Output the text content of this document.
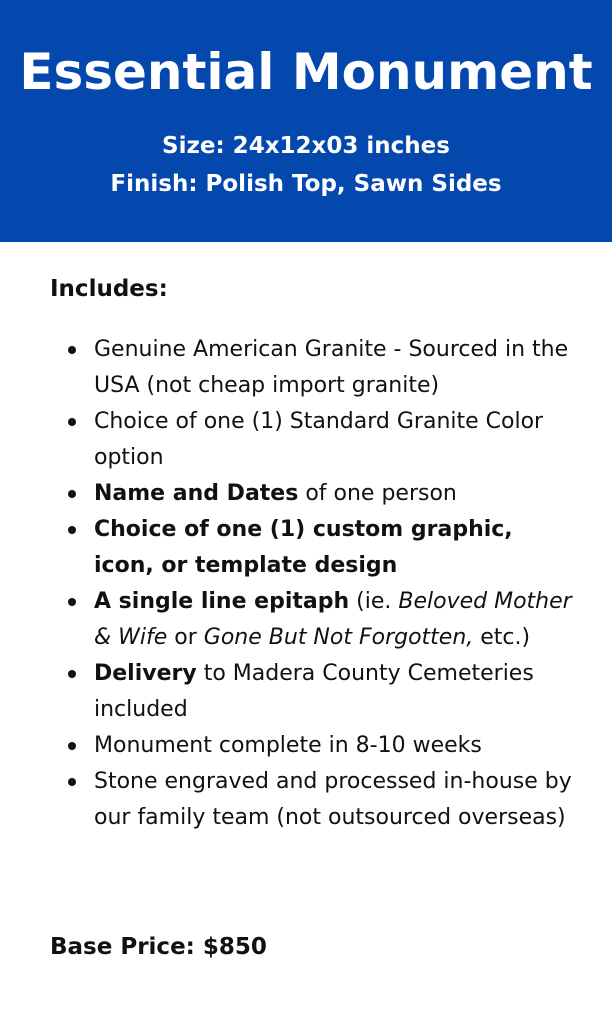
Essential Monument
Size: 24x12x03 inches
Finish: Polish Top, Sawn Sides
Includes:
Genuine American Granite - Sourced in the USA (not cheap import granite)
Choice of one (1) Standard Granite Color option
Name and Dates of one person
Choice of one (1) custom graphic, icon, or template design
A single line epitaph (ie. Beloved Mother & Wife or Gone But Not Forgotten, etc.)
Delivery to Madera County Cemeteries included
Monument complete in 8-10 weeks
Stone engraved and processed in-house by our family team (not outsourced overseas)
Base Price: $850
